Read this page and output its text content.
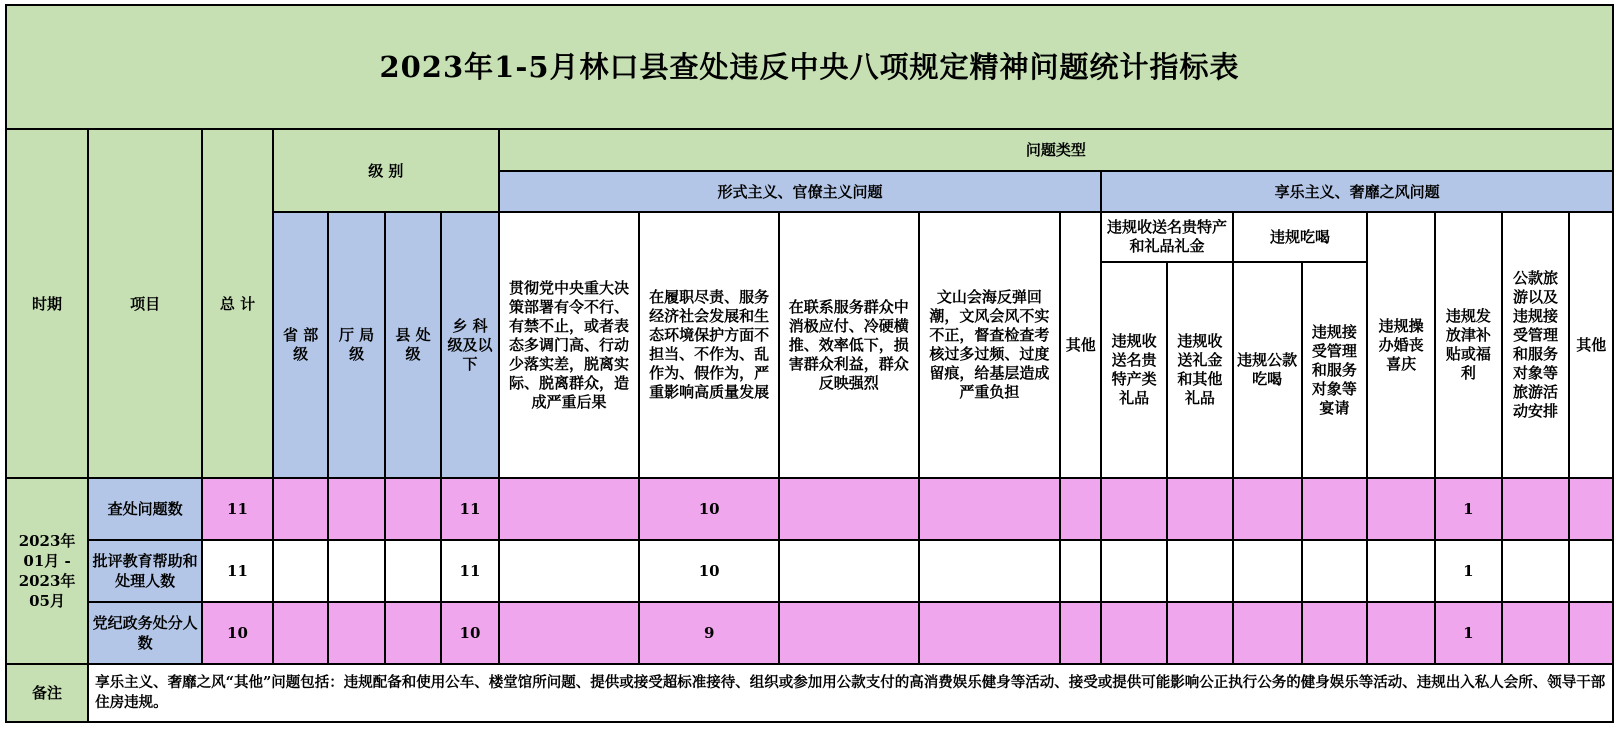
2023年1-5月林口县查处违反中央八项规定精神问题统计指标表																			
时期	项目	总 计	级 别				问题类型												
							形式主义、官僚主义问题					享乐主义、奢靡之风问题							
			省 部级	厅 局级	县 处级	乡 科级及以下	贯彻党中央重大决策部署有令不行、有禁不止，或者表态多调门高、行动少落实差，脱离实际、脱离群众，造成严重后果	在履职尽责、服务经济社会发展和生态环境保护方面不担当、不作为、乱作为、假作为，严重影响高质量发展	在联系服务群众中消极应付、冷硬横推、效率低下，损害群众利益，群众反映强烈	文山会海反弹回潮，文风会风不实不正，督查检查考核过多过频、过度留痕，给基层造成严重负担	其他	违规收送名贵特产和礼品礼金		违规吃喝		违规操办婚丧喜庆	违规发放津补贴或福利	公款旅游以及违规接受管理和服务对象等旅游活动安排	其他
												违规收送名贵特产类礼品	违规收送礼金和其他礼品	违规公款吃喝	违规接受管理和服务对象等宴请				
2023年01月 - 2023年05月	查处问题数	11				11		10									1		
	批评教育帮助和处理人数	11				11		10									1		
	党纪政务处分人数	10				10		9									1		
备注	享乐主义、奢靡之风“其他”问题包括：违规配备和使用公车、楼堂馆所问题、提供或接受超标准接待、组织或参加用公款支付的高消费娱乐健身等活动、接受或提供可能影响公正执行公务的健身娱乐等活动、违规出入私人会所、领导干部住房违规。																		
